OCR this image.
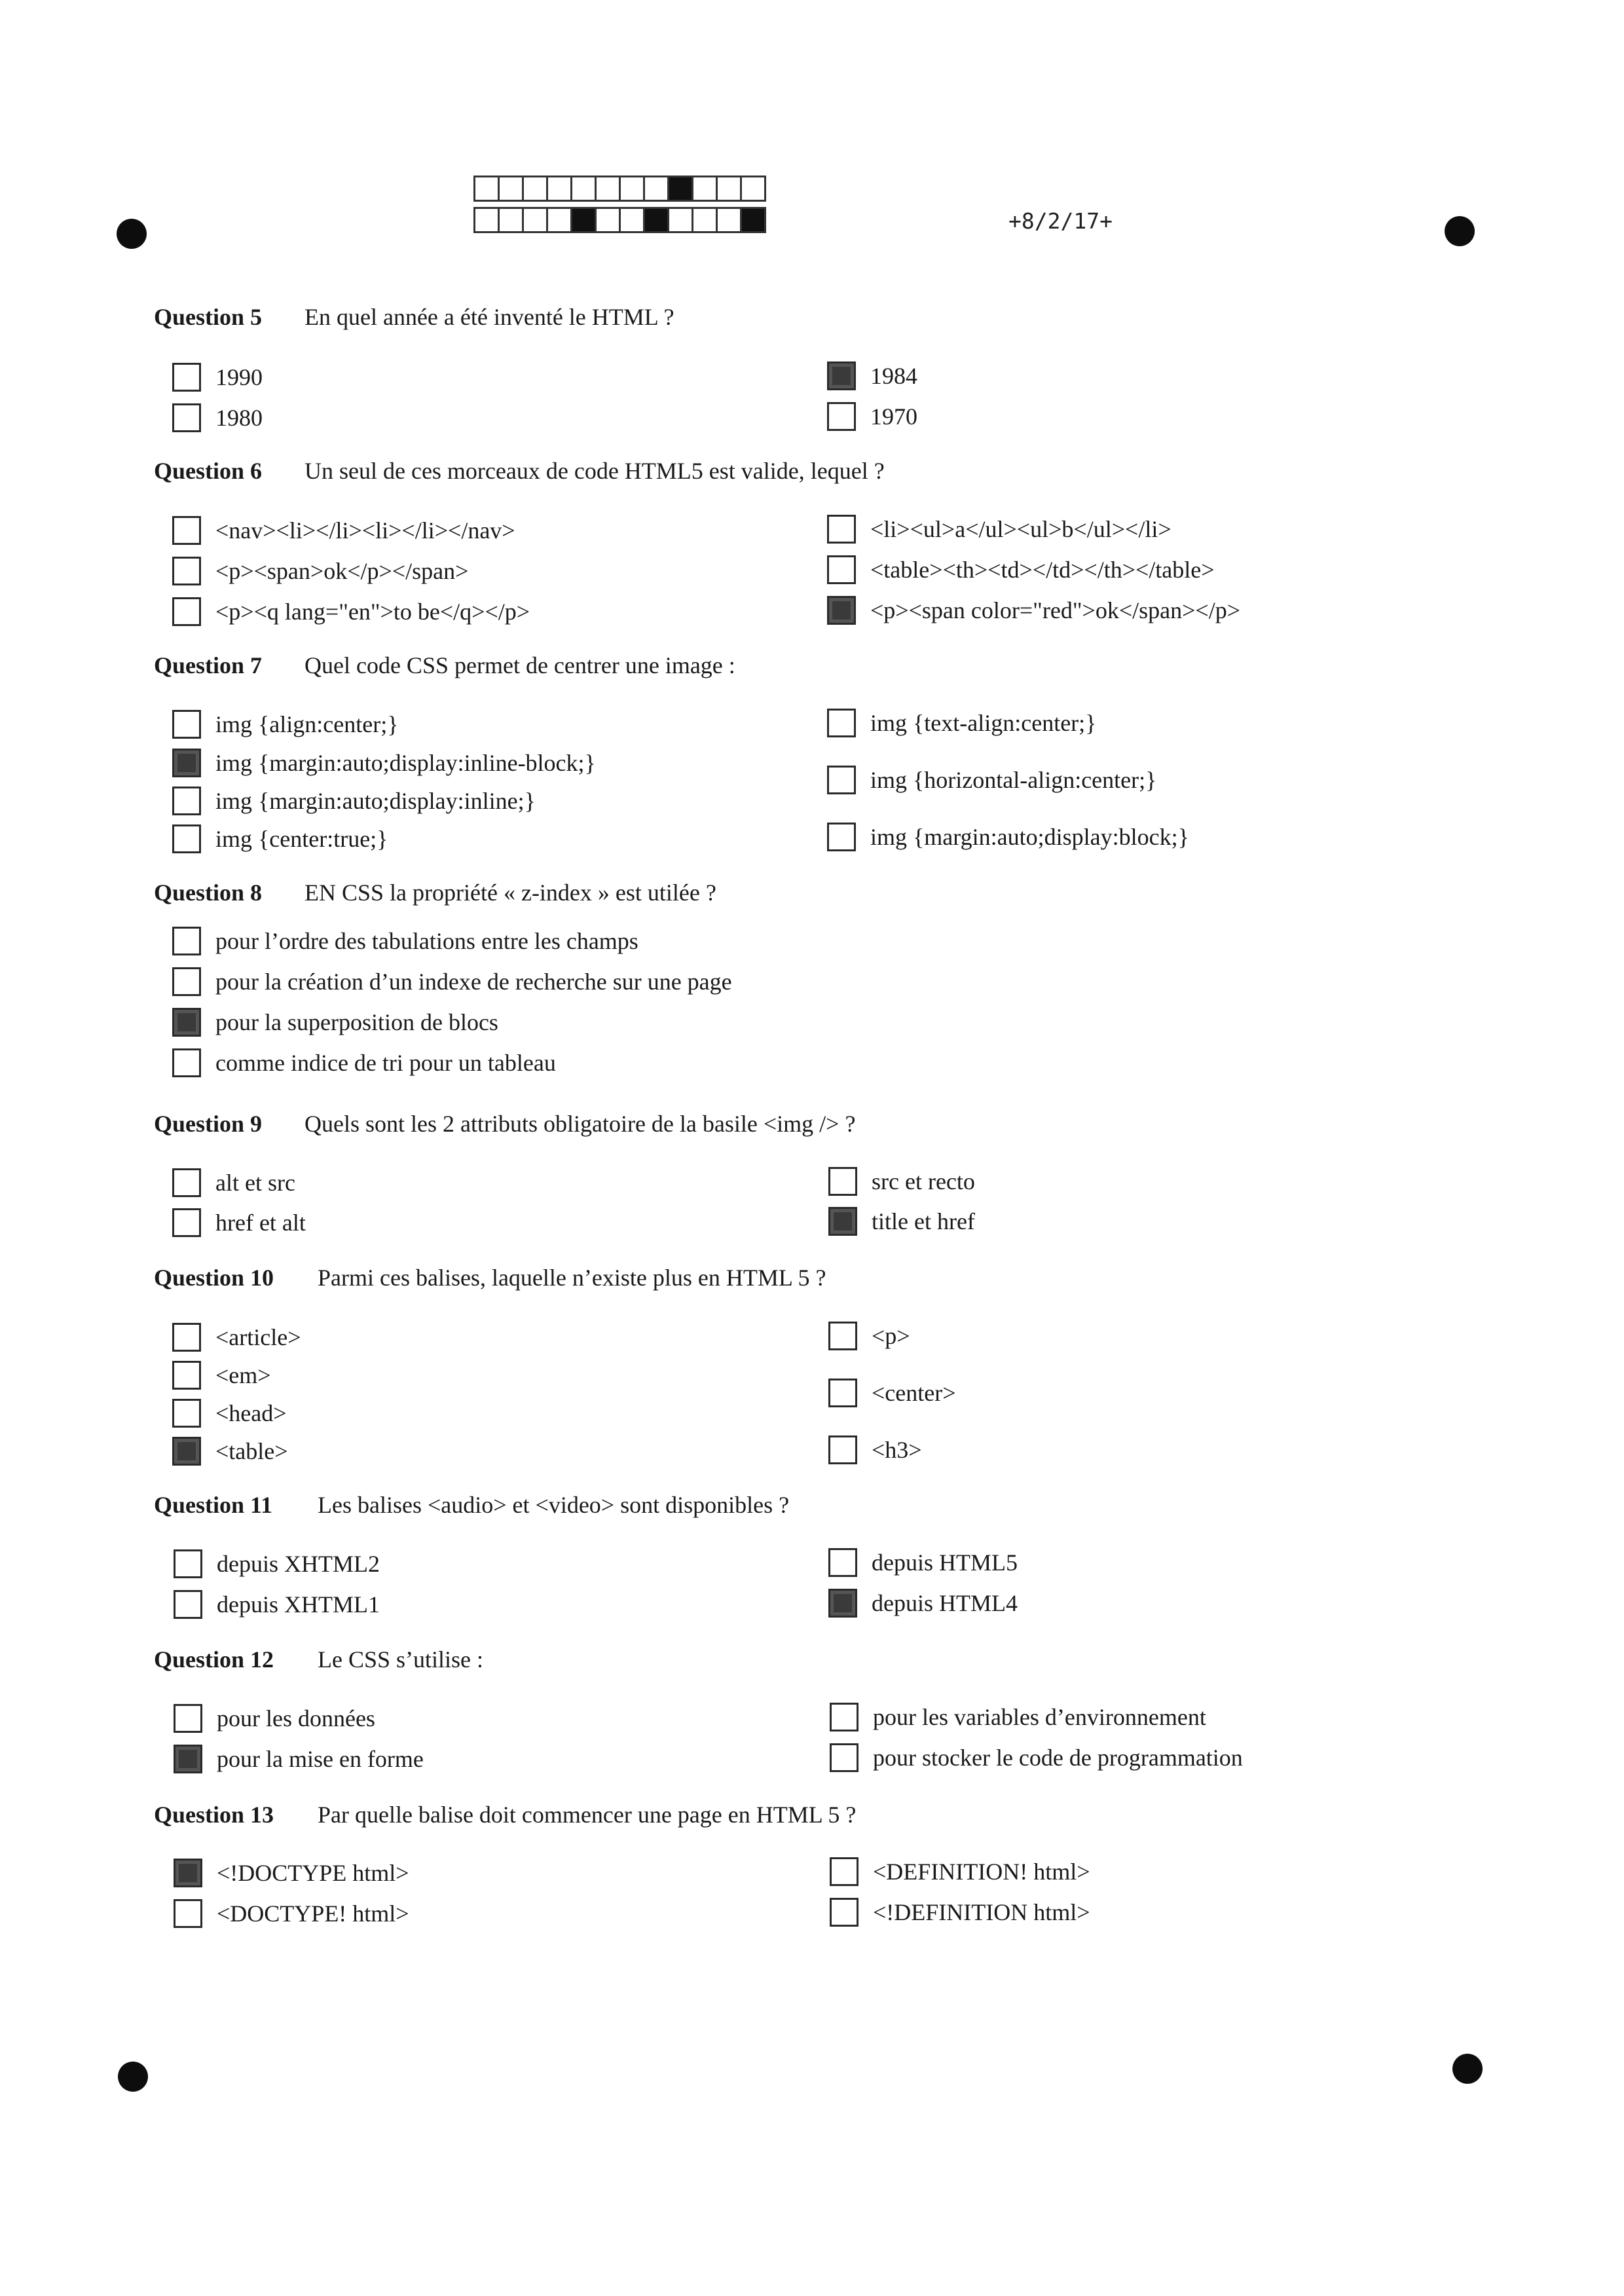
+8/2/17+
Question 5	En quel année a été inventé le HTML ?
1990
1980
1984
1970
Question 6	Un seul de ces morceaux de code HTML5 est valide, lequel ?
<nav><li></li><li></li></nav>
<p><span>ok</p></span>
<p><q lang="en">to be</q></p>
<li><ul>a</ul><ul>b</ul></li>
<table><th><td></td></th></table>
<p><span color="red">ok</span></p>
Question 7	Quel code CSS permet de centrer une image :
img {align:center;}
img {margin:auto;display:inline-block;}
img {margin:auto;display:inline;}
img {center:true;}
img {text-align:center;}
img {horizontal-align:center;}
img {margin:auto;display:block;}
Question 8	EN CSS la propriété « z-index » est utilée ?
pour l’ordre des tabulations entre les champs
pour la création d’un indexe de recherche sur une page
pour la superposition de blocs
comme indice de tri pour un tableau
Question 9	Quels sont les 2 attributs obligatoire de la basile <img /> ?
alt et src
href et alt
src et recto
title et href
Question 10	Parmi ces balises, laquelle n’existe plus en HTML 5 ?
<article>
<em>
<head>
<table>
<p>
<center>
<h3>
Question 11	Les balises <audio> et <video> sont disponibles ?
depuis XHTML2
depuis XHTML1
depuis HTML5
depuis HTML4
Question 12	Le CSS s’utilise :
pour les données
pour la mise en forme
pour les variables d’environnement
pour stocker le code de programmation
Question 13	Par quelle balise doit commencer une page en HTML 5 ?
<!DOCTYPE html>
<DOCTYPE! html>
<DEFINITION! html>
<!DEFINITION html>
